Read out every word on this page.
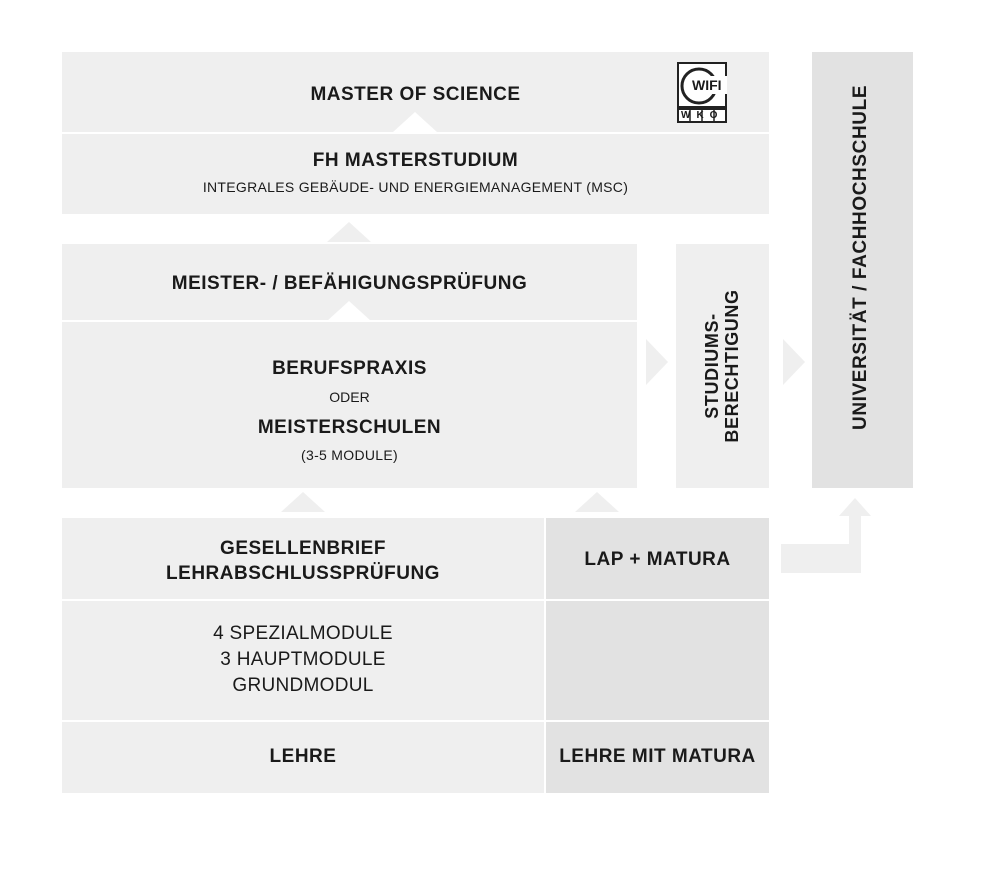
MASTER OF SCIENCE	WIFI
WKO
FH MASTERSTUDIUM
INTEGRALES GEBÄUDE- UND ENERGIEMANAGEMENT (MSC)
MEISTER- / BEFÄHIGUNGSPRÜFUNG
BERUFSPRAXIS
ODER
MEISTERSCHULEN
(3-5 MODULE)
STUDIUMS- BERECHTIGUNG	UNIVERSITÄT / FACHHOCHSCHULE
GESELLENBRIEF
LEHRABSCHLUSSPRÜFUNG
LAP + MATURA
4 SPEZIALMODULE
3 HAUPTMODULE
GRUNDMODUL
LEHRE	LEHRE MIT MATURA
